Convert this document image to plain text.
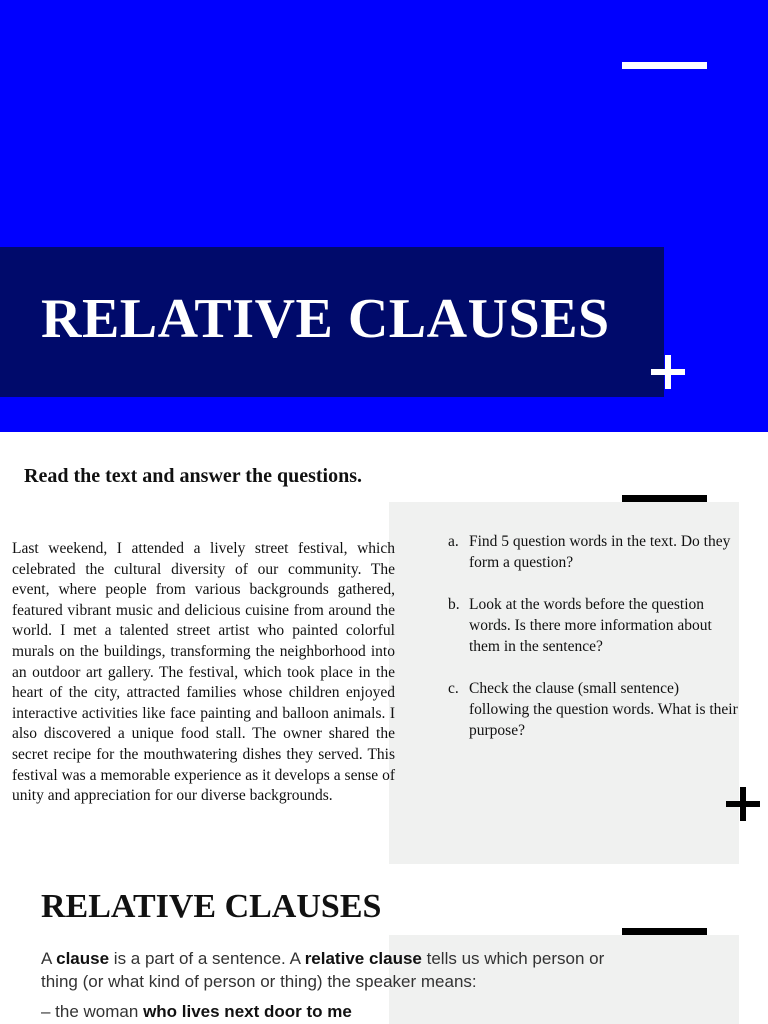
RELATIVE CLAUSES
Read the text and answer the questions.

Last weekend, I attended a lively street festival, which celebrated the cultural diversity of our community. The event, where people from various backgrounds gathered, featured vibrant music and delicious cuisine from around the world. I met a talented street artist who painted colorful murals on the buildings, transforming the neighborhood into an outdoor art gallery. The festival, which took place in the heart of the city, attracted families whose children enjoyed interactive activities like face painting and balloon animals. I also discovered a unique food stall. The owner shared the secret recipe for the mouthwatering dishes they served. This festival was a memorable experience as it develops a sense of unity and appreciation for our diverse backgrounds.

a. Find 5 question words in the text. Do they form a question?
b. Look at the words before the question words. Is there more information about them in the sentence?
c. Check the clause (small sentence) following the question words. What is their purpose?
RELATIVE CLAUSES

A clause is a part of a sentence. A relative clause tells us which person or thing (or what kind of person or thing) the speaker means:

– the woman who lives next door to me
